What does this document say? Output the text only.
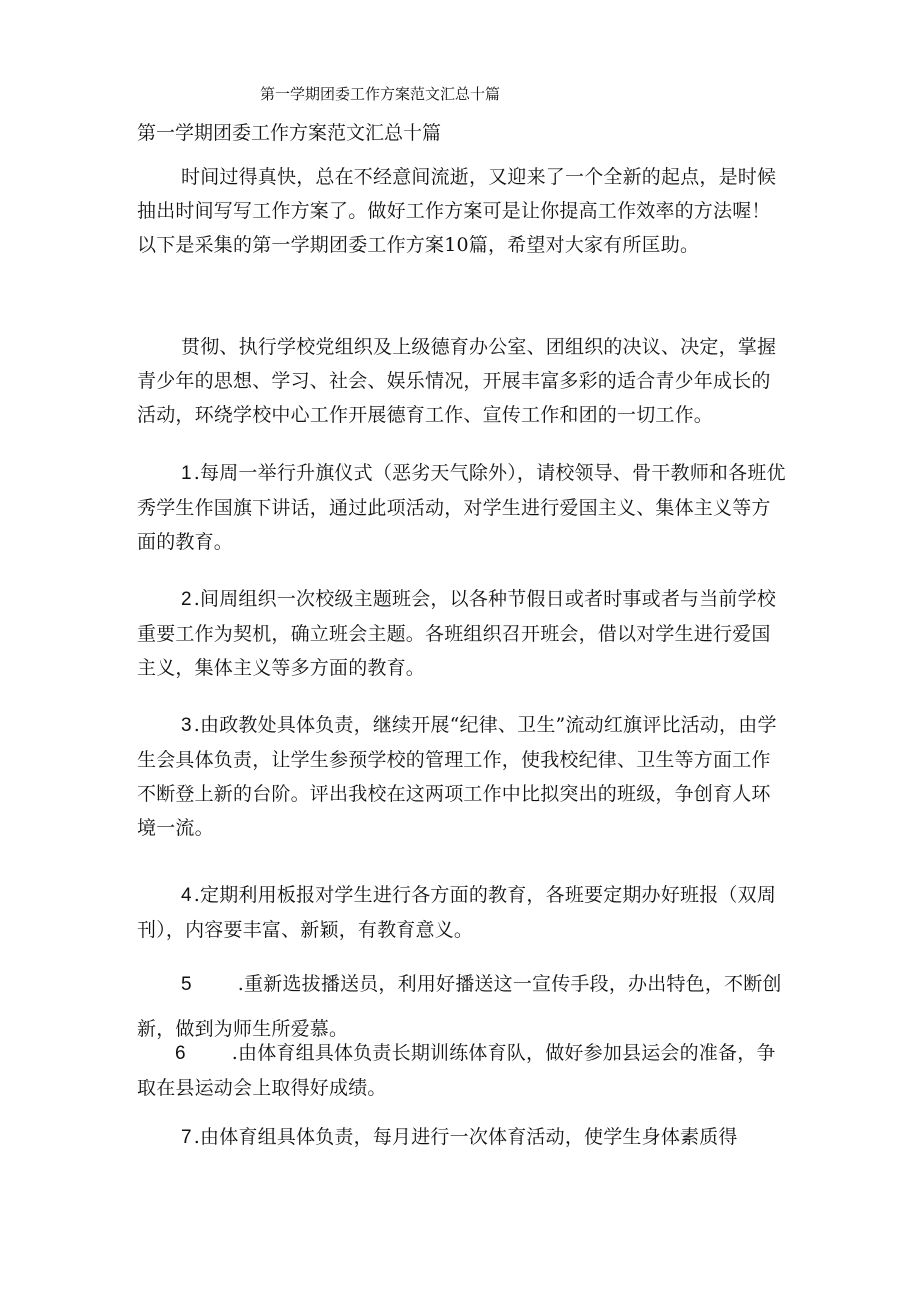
第一学期团委工作方案范文汇总十篇
第一学期团委工作方案范文汇总十篇

时间过得真快，总在不经意间流逝，又迎来了一个全新的起点，是时候抽出时间写写工作方案了。做好工作方案可是让你提高工作效率的方法喔！以下是采集的第一学期团委工作方案10篇，希望对大家有所匡助。

贯彻、执行学校党组织及上级德育办公室、团组织的决议、决定，掌握青少年的思想、学习、社会、娱乐情况，开展丰富多彩的适合青少年成长的活动，环绕学校中心工作开展德育工作、宣传工作和团的一切工作。

1 .每周一举行升旗仪式（恶劣天气除外），请校领导、骨干教师和各班优秀学生作国旗下讲话，通过此项活动，对学生进行爱国主义、集体主义等方面的教育。

2 .间周组织一次校级主题班会，以各种节假日或者时事或者与当前学校重要工作为契机，确立班会主题。各班组织召开班会，借以对学生进行爱国主义，集体主义等多方面的教育。

3 .由政教处具体负责，继续开展“纪律、卫生”流动红旗评比活动，由学生会具体负责，让学生参预学校的管理工作，使我校纪律、卫生等方面工作不断登上新的台阶。评出我校在这两项工作中比拟突出的班级，争创育人环境一流。

4 .定期利用板报对学生进行各方面的教育，各班要定期办好班报（双周刊），内容要丰富、新颖，有教育意义。

5 .重新选拔播送员，利用好播送这一宣传手段，办出特色，不断创新，做到为师生所爱慕。

6 .由体育组具体负责长期训练体育队，做好参加县运会的准备，争取在县运动会上取得好成绩。

7 .由体育组具体负责，每月进行一次体育活动，使学生身体素质得
